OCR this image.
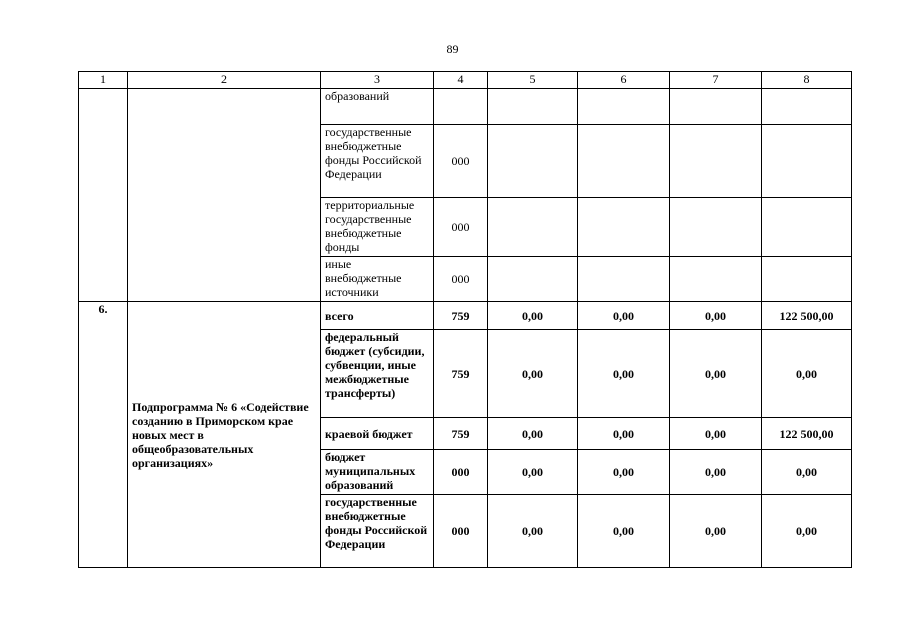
89
1	2	3	4	5	6	7	8
		образований					
		государственные внебюджетные фонды Российской Федерации	000				
		территориальные государственные внебюджетные фонды	000				
		иные внебюджетные источники	000				
6.	Подпрограмма № 6 «Содействие созданию в Приморском крае новых мест в общеобразовательных организациях»	всего	759	0,00	0,00	0,00	122 500,00
		федеральный бюджет (субсидии, субвенции, иные межбюджетные трансферты)	759	0,00	0,00	0,00	0,00
		краевой бюджет	759	0,00	0,00	0,00	122 500,00
		бюджет муниципальных образований	000	0,00	0,00	0,00	0,00
		государственные внебюджетные фонды Российской Федерации	000	0,00	0,00	0,00	0,00
